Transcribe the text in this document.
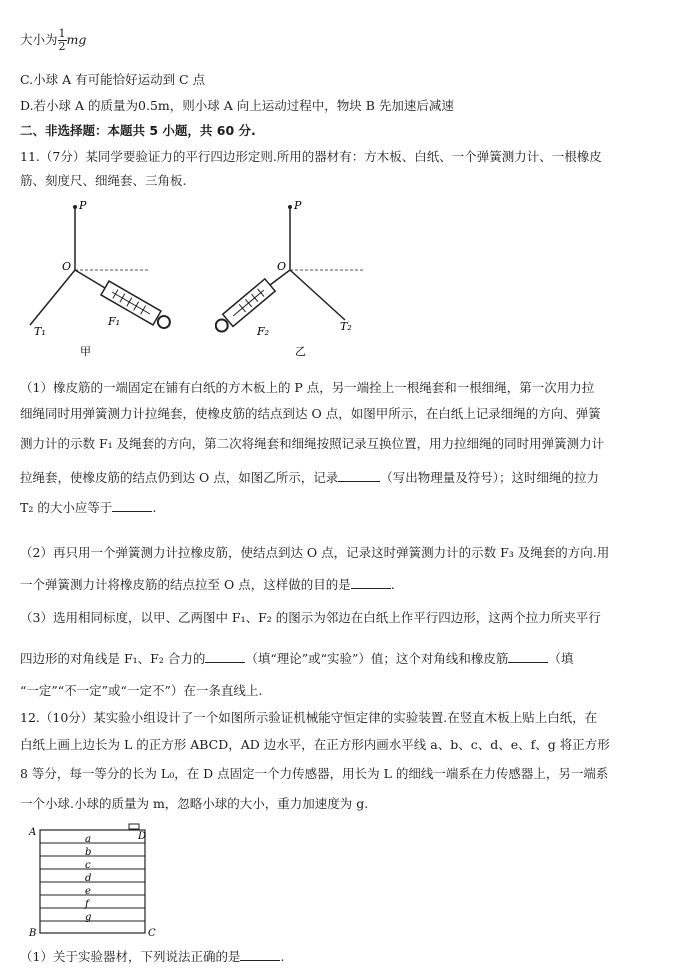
大小为 $\frac{1}{2}$ mg
C.小球 A 有可能恰好运动到 C 点
D.若小球 A 的质量为0.5m，则小球 A 向上运动过程中，物块 B 先加速后减速
二、非选择题：本题共 5 小题，共 60 分.
11.（7分）某同学要验证力的平行四边形定则.所用的器材有：方木板、白纸、一个弹簧测力计、一根橡皮
筋、刻度尺、细绳套、三角板.
P
O
T₁
F₁
甲
P
O
T₂
F₂
乙
（1）橡皮筋的一端固定在铺有白纸的方木板上的 P 点，另一端拴上一根绳套和一根细绳，第一次用力拉
细绳同时用弹簧测力计拉绳套，使橡皮筋的结点到达 O 点，如图甲所示，在白纸上记录细绳的方向、弹簧
测力计的示数 F₁ 及绳套的方向，第二次将绳套和细绳按照记录互换位置，用力拉细绳的同时用弹簧测力计
拉绳套，使橡皮筋的结点仍到达 O 点，如图乙所示，记录	（写出物理量及符号）；这时细绳的拉力
T₂ 的大小应等于	.
（2）再只用一个弹簧测力计拉橡皮筋，使结点到达 O 点，记录这时弹簧测力计的示数 F₃ 及绳套的方向.用
一个弹簧测力计将橡皮筋的结点拉至 O 点，这样做的目的是	.
（3）选用相同标度，以甲、乙两图中 F₁、F₂ 的图示为邻边在白纸上作平行四边形，这两个拉力所夹平行
四边形的对角线是 F₁、F₂ 合力的	（填“理论”或“实验”）值；这个对角线和橡皮筋	（填
“一定”“不一定”或“一定不”）在一条直线上.
12.（10分）某实验小组设计了一个如图所示验证机械能守恒定律的实验装置.在竖直木板上贴上白纸，在
白纸上画上边长为 L 的正方形 ABCD，AD 边水平，在正方形内画水平线 a、b、c、d、e、f、g 将正方形
8 等分，每一等分的长为 L₀，在 D 点固定一个力传感器，用长为 L 的细线一端系在力传感器上，另一端系
一个小球.小球的质量为 m，忽略小球的大小，重力加速度为 g.
A
B	C
D
a
b
c
d
e
f
g
（1）关于实验器材，下列说法正确的是	.
